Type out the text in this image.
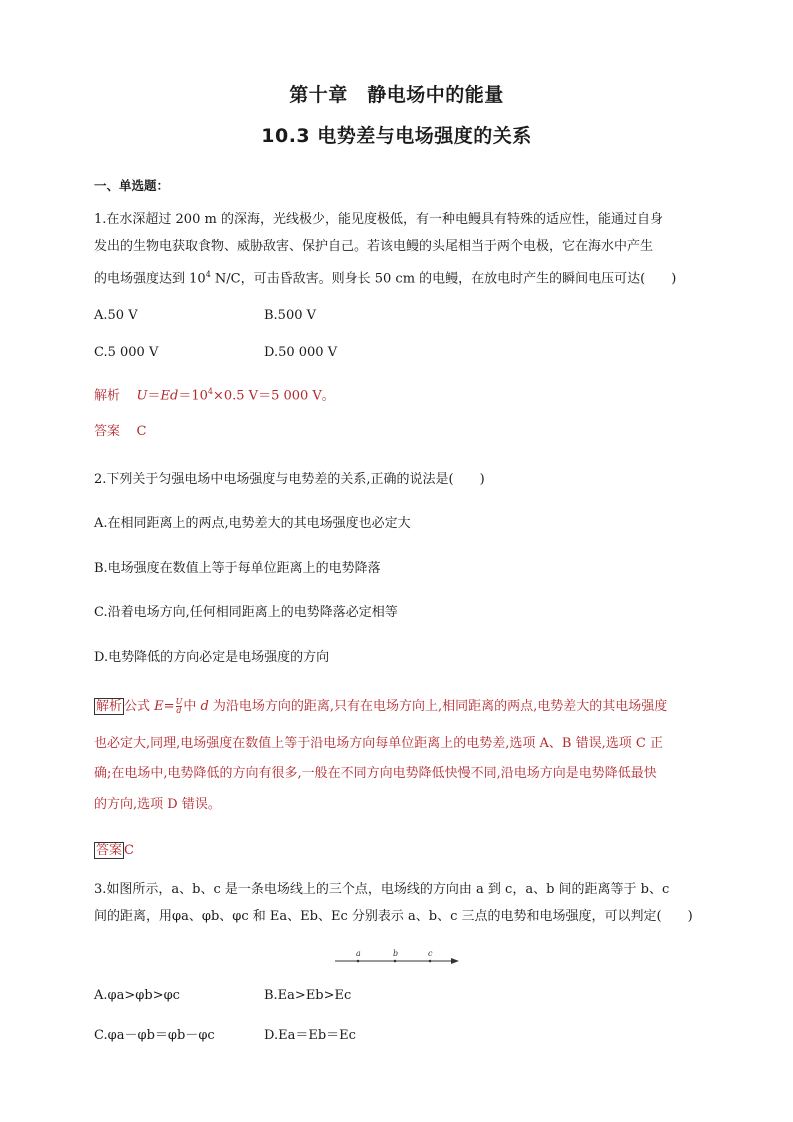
第十章　静电场中的能量
10.3 电势差与电场强度的关系
一、单选题：
1.在水深超过 200 m 的深海，光线极少，能见度极低，有一种电鳗具有特殊的适应性，能通过自身
发出的生物电获取食物、威胁敌害、保护自己。若该电鳗的头尾相当于两个电极，它在海水中产生
的电场强度达到 $10^4$ N/C，可击昏敌害。则身长 50 cm 的电鳗，在放电时产生的瞬间电压可达(　　)
A.50 V	B.500 V
C.5 000 V	D.50 000 V
解析 $U=Ed=10^4\times 0.5$ V＝5 000 V。
答案 C
2.下列关于匀强电场中电场强度与电势差的关系,正确的说法是(　　)
A.在相同距离上的两点,电势差大的其电场强度也必定大
B.电场强度在数值上等于每单位距离上的电势降落
C.沿着电场方向,任何相同距离上的电势降落必定相等
D.电势降低的方向必定是电场强度的方向
解析 公式 $E= \frac{U}{d}$ 中 d 为沿电场方向的距离,只有在电场方向上,相同距离的两点,电势差大的其电场强度
也必定大,同理,电场强度在数值上等于沿电场方向每单位距离上的电势差,选项 A、B 错误,选项 C 正
确;在电场中,电势降低的方向有很多,一般在不同方向电势降低快慢不同,沿电场方向是电势降低最快
的方向,选项 D 错误。
答案 C
3.如图所示，a、b、c 是一条电场线上的三个点，电场线的方向由 a 到 c，a、b 间的距离等于 b、c
间的距离，用φa、φb、φc 和 Ea、Eb、Ec 分别表示 a、b、c 三点的电势和电场强度，可以判定(　　)
a	b	c
A.φa>φb>φc	B.Ea>Eb>Ec
C.φa－φb＝φb－φc	D.Ea＝Eb＝Ec
